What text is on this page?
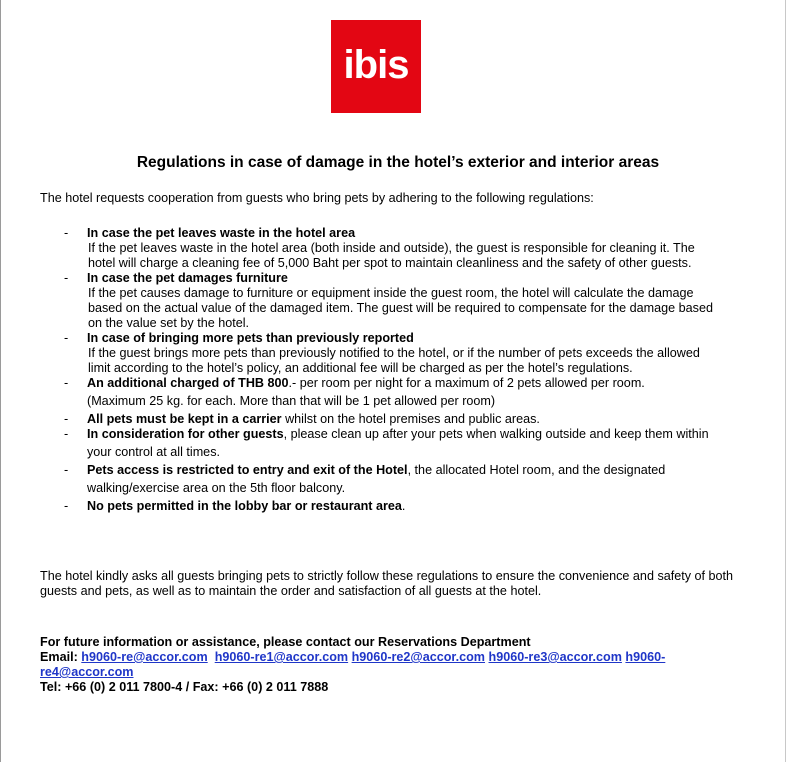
ibis
Regulations in case of damage in the hotel’s exterior and interior areas
The hotel requests cooperation from guests who bring pets by adhering to the following regulations:
-	In case the pet leaves waste in the hotel area
If the pet leaves waste in the hotel area (both inside and outside), the guest is responsible for cleaning it. The
hotel will charge a cleaning fee of 5,000 Baht per spot to maintain cleanliness and the safety of other guests.
-	In case the pet damages furniture
If the pet causes damage to furniture or equipment inside the guest room, the hotel will calculate the damage
based on the actual value of the damaged item. The guest will be required to compensate for the damage based
on the value set by the hotel.
-	In case of bringing more pets than previously reported
If the guest brings more pets than previously notified to the hotel, or if the number of pets exceeds the allowed
limit according to the hotel’s policy, an additional fee will be charged as per the hotel’s regulations.
-	An additional charged of THB 800.- per room per night for a maximum of 2 pets allowed per room.
(Maximum 25 kg. for each. More than that will be 1 pet allowed per room)
-	All pets must be kept in a carrier whilst on the hotel premises and public areas.
-	In consideration for other guests, please clean up after your pets when walking outside and keep them within
your control at all times.
-	Pets access is restricted to entry and exit of the Hotel, the allocated Hotel room, and the designated
walking/exercise area on the 5th floor balcony.
-	No pets permitted in the lobby bar or restaurant area.
The hotel kindly asks all guests bringing pets to strictly follow these regulations to ensure the convenience and safety of both guests and pets, as well as to maintain the order and satisfaction of all guests at the hotel.
For future information or assistance, please contact our Reservations Department
Email: h9060-re@accor.com h9060-re1@accor.com h9060-re2@accor.com h9060-re3@accor.com h9060-re4@accor.com
Tel: +66 (0) 2 011 7800-4 / Fax: +66 (0) 2 011 7888
